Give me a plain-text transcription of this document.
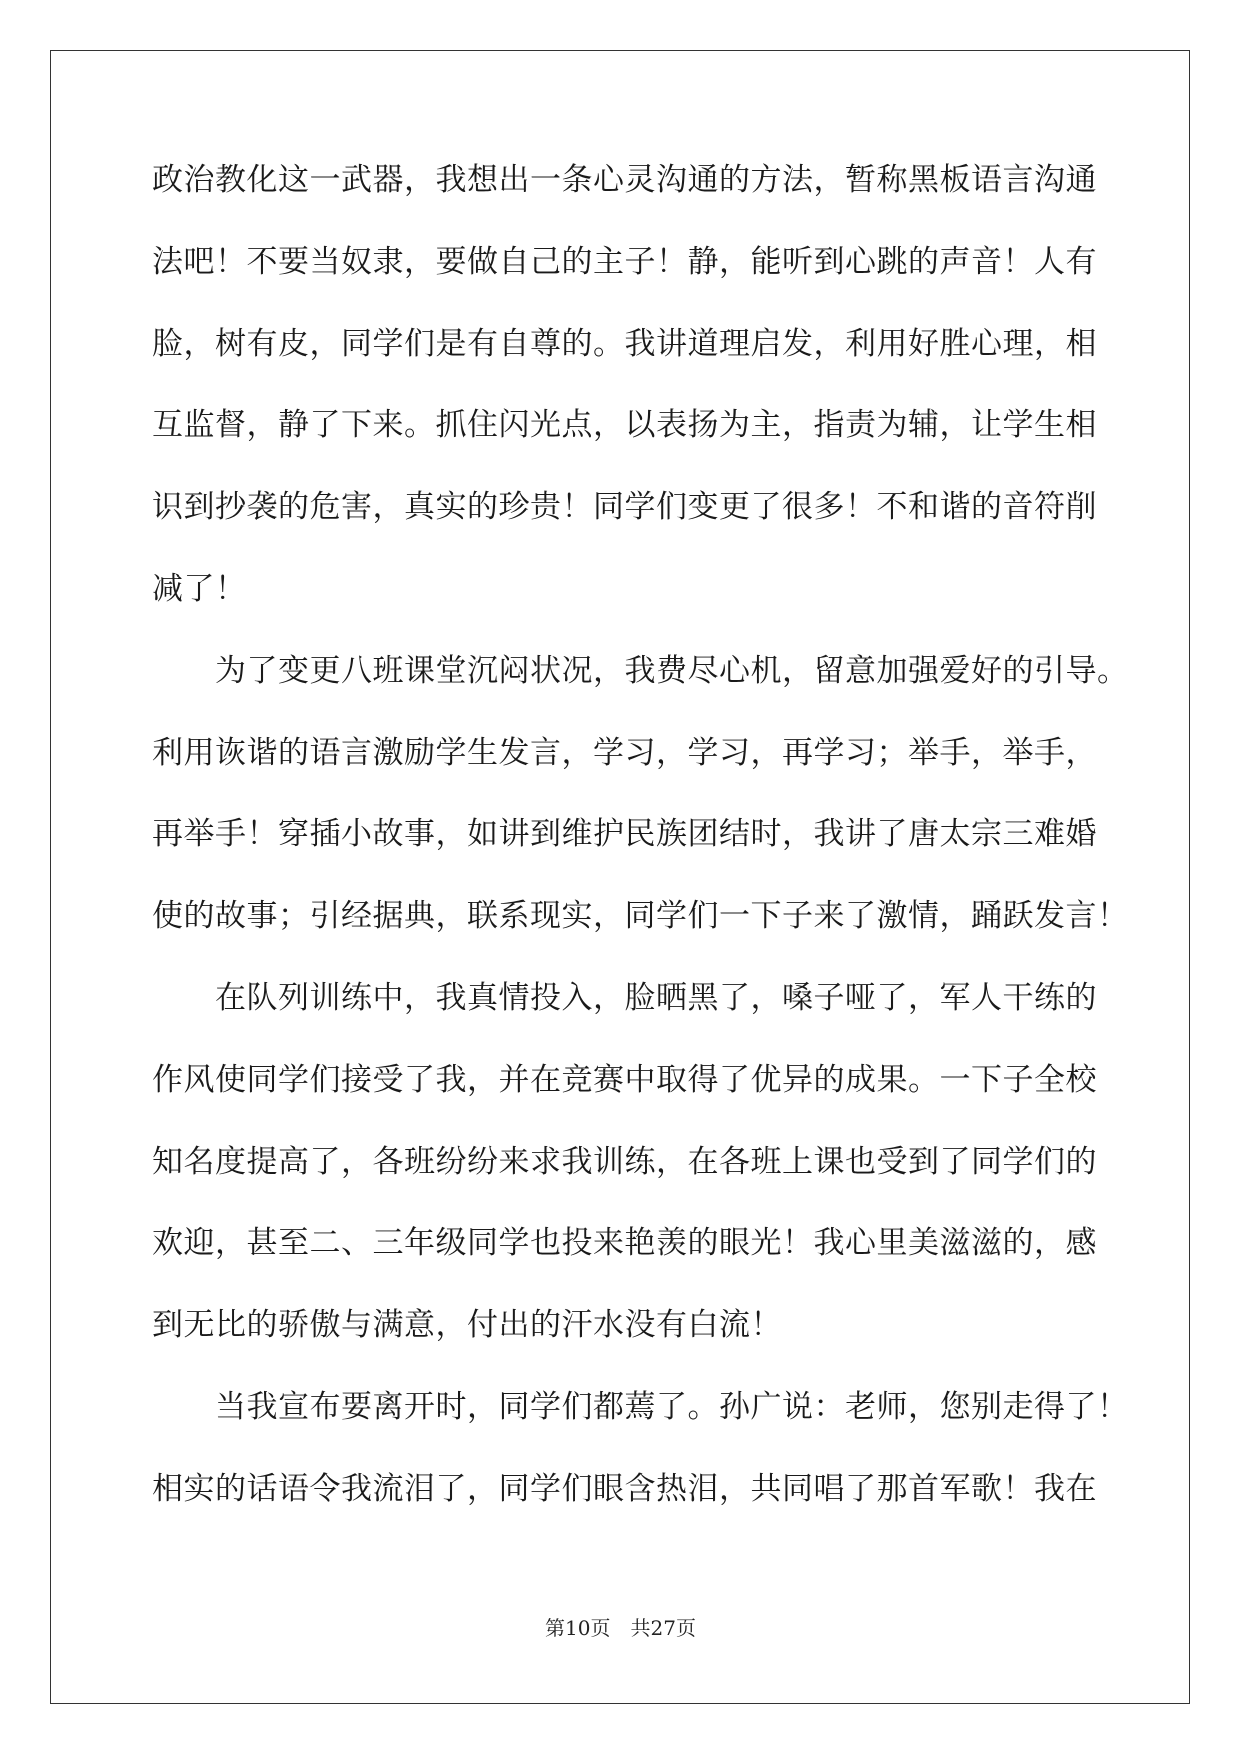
政治教化这一武器，我想出一条心灵沟通的方法，暂称黑板语言沟通
法吧！不要当奴隶，要做自己的主子！静，能听到心跳的声音！人有
脸，树有皮，同学们是有自尊的。我讲道理启发，利用好胜心理，相
互监督，静了下来。抓住闪光点，以表扬为主，指责为辅，让学生相
识到抄袭的危害，真实的珍贵！同学们变更了很多！不和谐的音符削
减了！
为了变更八班课堂沉闷状况，我费尽心机，留意加强爱好的引导。
利用诙谐的语言激励学生发言，学习，学习，再学习；举手，举手，
再举手！穿插小故事，如讲到维护民族团结时，我讲了唐太宗三难婚
使的故事；引经据典，联系现实，同学们一下子来了激情，踊跃发言！
在队列训练中，我真情投入，脸晒黑了，嗓子哑了，军人干练的
作风使同学们接受了我，并在竞赛中取得了优异的成果。一下子全校
知名度提高了，各班纷纷来求我训练，在各班上课也受到了同学们的
欢迎，甚至二、三年级同学也投来艳羡的眼光！我心里美滋滋的，感
到无比的骄傲与满意，付出的汗水没有白流！
当我宣布要离开时，同学们都蔫了。孙广说：老师，您别走得了！
相实的话语令我流泪了，同学们眼含热泪，共同唱了那首军歌！我在
第10页 共27页
